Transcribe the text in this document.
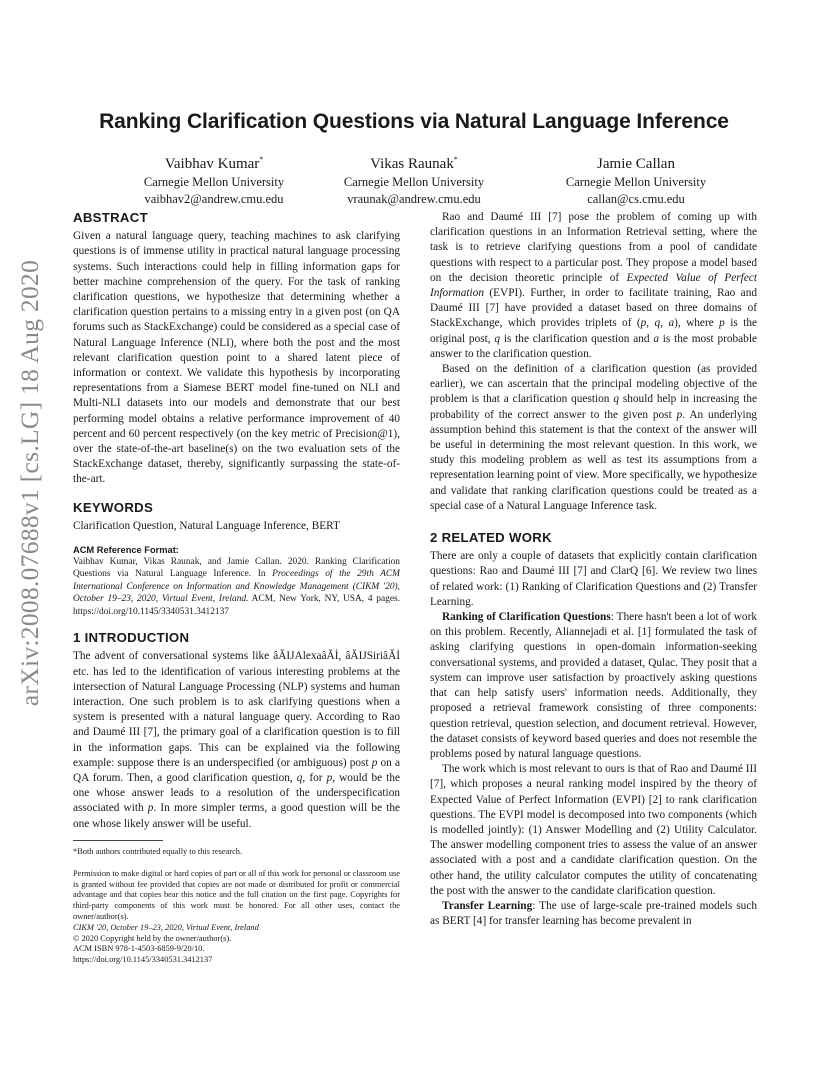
arXiv:2008.07688v1 [cs.LG] 18 Aug 2020
Ranking Clarification Questions via Natural Language Inference
Vaibhav Kumar*
Carnegie Mellon University
vaibhav2@andrew.cmu.edu
Vikas Raunak*
Carnegie Mellon University
vraunak@andrew.cmu.edu
Jamie Callan
Carnegie Mellon University
callan@cs.cmu.edu
ABSTRACT

Given a natural language query, teaching machines to ask clarifying questions is of immense utility in practical natural language processing systems. Such interactions could help in filling information gaps for better machine comprehension of the query. For the task of ranking clarification questions, we hypothesize that determining whether a clarification question pertains to a missing entry in a given post (on QA forums such as StackExchange) could be considered as a special case of Natural Language Inference (NLI), where both the post and the most relevant clarification question point to a shared latent piece of information or context. We validate this hypothesis by incorporating representations from a Siamese BERT model fine-tuned on NLI and Multi-NLI datasets into our models and demonstrate that our best performing model obtains a relative performance improvement of 40 percent and 60 percent respectively (on the key metric of Precision@1), over the state-of-the-art baseline(s) on the two evaluation sets of the StackExchange dataset, thereby, significantly surpassing the state-of-the-art.

KEYWORDS

Clarification Question, Natural Language Inference, BERT

ACM Reference Format:

Vaibhav Kumar, Vikas Raunak, and Jamie Callan. 2020. Ranking Clarification Questions via Natural Language Inference. In Proceedings of the 29th ACM International Conference on Information and Knowledge Management (CIKM '20), October 19–23, 2020, Virtual Event, Ireland. ACM, New York, NY, USA, 4 pages. https://doi.org/10.1145/3340531.3412137

1 INTRODUCTION

The advent of conversational systems like âĂIJAlexaâĂİ, âĂIJSiriâĂİ etc. has led to the identification of various interesting problems at the intersection of Natural Language Processing (NLP) systems and human interaction. One such problem is to ask clarifying questions when a system is presented with a natural language query. According to Rao and Daumé III [7], the primary goal of a clarification question is to fill in the information gaps. This can be explained via the following example: suppose there is an underspecified (or ambiguous) post p on a QA forum. Then, a good clarification question, q, for p, would be the one whose answer leads to a resolution of the underspecification associated with p. In more simpler terms, a good question will be the one whose likely answer will be useful.

*Both authors contributed equally to this research.
Permission to make digital or hard copies of part or all of this work for personal or classroom use is granted without fee provided that copies are not made or distributed for profit or commercial advantage and that copies bear this notice and the full citation on the first page. Copyrights for third-party components of this work must be honored. For all other uses, contact the owner/author(s).
CIKM '20, October 19–23, 2020, Virtual Event, Ireland
© 2020 Copyright held by the owner/author(s).
ACM ISBN 978-1-4503-6859-9/20/10.
https://doi.org/10.1145/3340531.3412137

Rao and Daumé III [7] pose the problem of coming up with clarification questions in an Information Retrieval setting, where the task is to retrieve clarifying questions from a pool of candidate questions with respect to a particular post. They propose a model based on the decision theoretic principle of Expected Value of Perfect Information (EVPI). Further, in order to facilitate training, Rao and Daumé III [7] have provided a dataset based on three domains of StackExchange, which provides triplets of (p, q, a), where p is the original post, q is the clarification question and a is the most probable answer to the clarification question.

Based on the definition of a clarification question (as provided earlier), we can ascertain that the principal modeling objective of the problem is that a clarification question q should help in increasing the probability of the correct answer to the given post p. An underlying assumption behind this statement is that the context of the answer will be useful in determining the most relevant question. In this work, we study this modeling problem as well as test its assumptions from a representation learning point of view. More specifically, we hypothesize and validate that ranking clarification questions could be treated as a special case of a Natural Language Inference task.

2 RELATED WORK

There are only a couple of datasets that explicitly contain clarification questions: Rao and Daumé III [7] and ClarQ [6]. We review two lines of related work: (1) Ranking of Clarification Questions and (2) Transfer Learning.

Ranking of Clarification Questions: There hasn't been a lot of work on this problem. Recently, Aliannejadi et al. [1] formulated the task of asking clarifying questions in open-domain information-seeking conversational systems, and provided a dataset, Qulac. They posit that a system can improve user satisfaction by proactively asking questions that can help satisfy users' information needs. Additionally, they proposed a retrieval framework consisting of three components: question retrieval, question selection, and document retrieval. However, the dataset consists of keyword based queries and does not resemble the problems posed by natural language questions.

The work which is most relevant to ours is that of Rao and Daumé III [7], which proposes a neural ranking model inspired by the theory of Expected Value of Perfect Information (EVPI) [2] to rank clarification questions. The EVPI model is decomposed into two components (which is modelled jointly): (1) Answer Modelling and (2) Utility Calculator. The answer modelling component tries to assess the value of an answer associated with a post and a candidate clarification question. On the other hand, the utility calculator computes the utility of concatenating the post with the answer to the candidate clarification question.

Transfer Learning: The use of large-scale pre-trained models such as BERT [4] for transfer learning has become prevalent in
